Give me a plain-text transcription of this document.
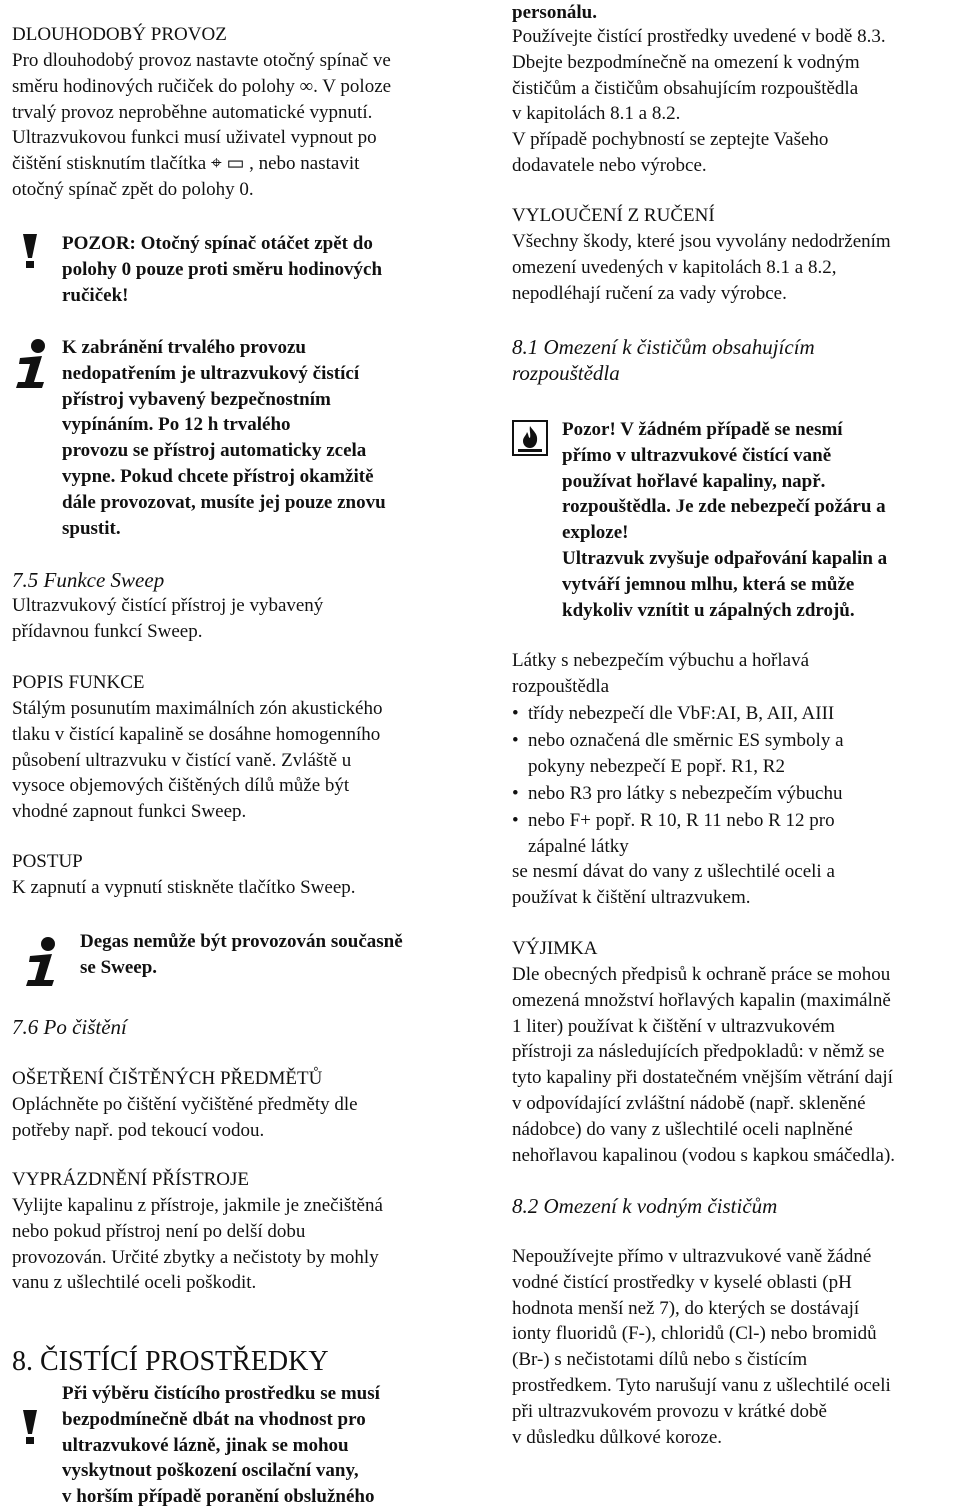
DLOUHODOBÝ PROVOZ

Pro dlouhodobý provoz nastavte otočný spínač ve
směru hodinových ručiček do polohy ∞. V poloze
trvalý provoz neproběhne automatické vypnutí.
Ultrazvukovou funkci musí uživatel vypnout po
čištění stisknutím tlačítka ⌖ ▭ , nebo nastavit
otočný spínač zpět do polohy 0.

POZOR: Otočný spínač otáčet zpět do
polohy 0 pouze proti směru hodinových
ručiček!

K zabránění trvalého provozu
nedopatřením je ultrazvukový čistící
přístroj vybavený bezpečnostním
vypínáním. Po 12 h trvalého
provozu se přístroj automaticky zcela
vypne. Pokud chcete přístroj okamžitě
dále provozovat, musíte jej pouze znovu
spustit.

7.5 Funkce Sweep

Ultrazvukový čistící přístroj je vybavený
přídavnou funkcí Sweep.

POPIS FUNKCE

Stálým posunutím maximálních zón akustického
tlaku v čistící kapalině se dosáhne homogenního
působení ultrazvuku v čistící vaně. Zvláště u
vysoce objemových čištěných dílů může být
vhodné zapnout funkci Sweep.

POSTUP

K zapnutí a vypnutí stiskněte tlačítko Sweep.

Degas nemůže být provozován současně
se Sweep.

7.6 Po čištění

OŠETŘENÍ ČIŠTĚNÝCH PŘEDMĚTŮ

Opláchněte po čištění vyčištěné předměty dle
potřeby např. pod tekoucí vodou.

VYPRÁZDNĚNÍ PŘÍSTROJE

Vylijte kapalinu z přístroje, jakmile je znečištěná
nebo pokud přístroj není po delší dobu
provozován. Určité zbytky a nečistoty by mohly
vanu z ušlechtilé oceli poškodit.

8. ČISTÍCÍ PROSTŘEDKY

Při výběru čistícího prostředku se musí
bezpodmínečně dbát na vhodnost pro
ultrazvukové lázně, jinak se mohou
vyskytnout poškození oscilační vany,
v horším případě poranění obslužného

personálu.

Používejte čistící prostředky uvedené v bodě 8.3.
Dbejte bezpodmínečně na omezení k vodným
čističům a čističům obsahujícím rozpouštědla
v kapitolách 8.1 a 8.2.
V případě pochybností se zeptejte Vašeho
dodavatele nebo výrobce.

VYLOUČENÍ Z RUČENÍ

Všechny škody, které jsou vyvolány nedodržením
omezení uvedených v kapitolách 8.1 a 8.2,
nepodléhají ručení za vady výrobce.

8.1 Omezení k čističům obsahujícím
rozpouštědla

Pozor! V žádném případě se nesmí
přímo v ultrazvukové čistící vaně
používat hořlavé kapaliny, např.
rozpouštědla. Je zde nebezpečí požáru a
exploze!
Ultrazvuk zvyšuje odpařování kapalin a
vytváří jemnou mlhu, která se může
kdykoliv vznítit u zápalných zdrojů.

Látky s nebezpečím výbuchu a hořlavá
rozpouštědla

• třídy nebezpečí dle VbF:AI, B, AII, AIII
• nebo označená dle směrnic ES symboly a
pokyny nebezpečí E popř. R1, R2
• nebo R3 pro látky s nebezpečím výbuchu
• nebo F+ popř. R 10, R 11 nebo R 12 pro
zápalné látky

se nesmí dávat do vany z ušlechtilé oceli a
používat k čištění ultrazvukem.

VÝJIMKA

Dle obecných předpisů k ochraně práce se mohou
omezená množství hořlavých kapalin (maximálně
1 liter) používat k čištění v ultrazvukovém
přístroji za následujících předpokladů: v němž se
tyto kapaliny při dostatečném vnějším větrání dají
v odpovídající zvláštní nádobě (např. skleněné
nádobce) do vany z ušlechtilé oceli naplněné
nehořlavou kapalinou (vodou s kapkou smáčedla).

8.2 Omezení k vodným čističům

Nepoužívejte přímo v ultrazvukové vaně žádné
vodné čistící prostředky v kyselé oblasti (pH
hodnota menší než 7), do kterých se dostávají
ionty fluoridů (F-), chloridů (Cl-) nebo bromidů
(Br-) s nečistotami dílů nebo s čistícím
prostředkem. Tyto narušují vanu z ušlechtilé oceli
při ultrazvukovém provozu v krátké době
v důsledku důlkové koroze.
